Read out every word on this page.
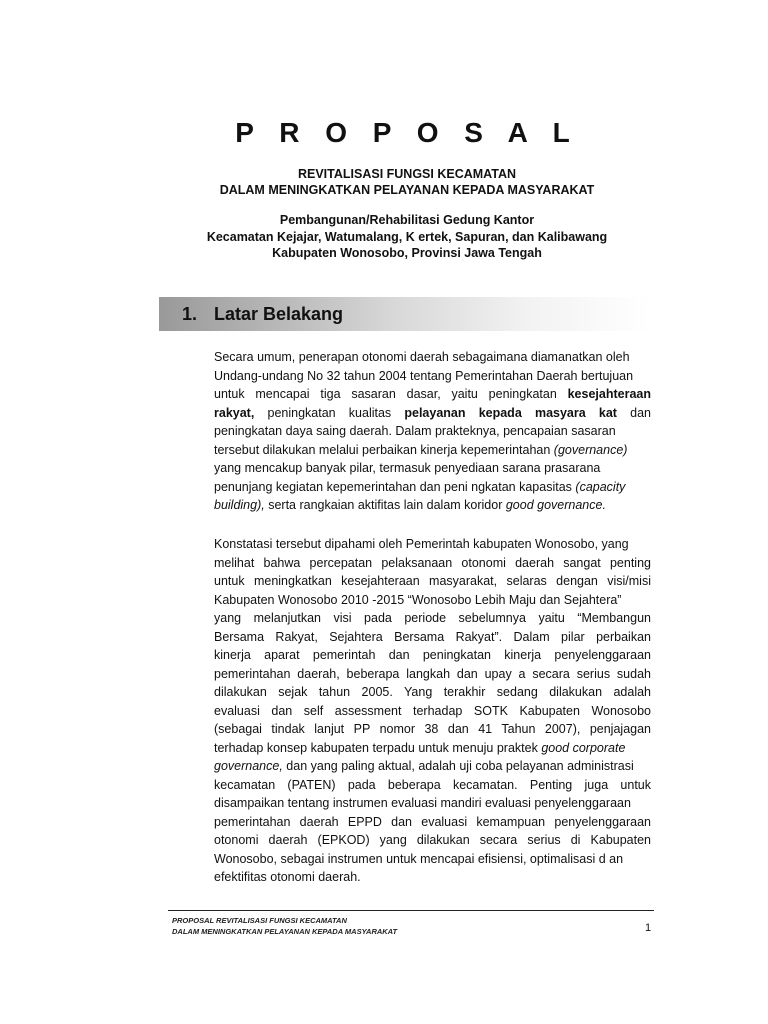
P R O P O S A L
REVITALISASI FUNGSI KECAMATAN
DALAM MENINGKATKAN PELAYANAN KEPADA MASYARAKAT
Pembangunan/Rehabilitasi Gedung Kantor
Kecamatan Kejajar, Watumalang, K ertek, Sapuran, dan Kalibawang
Kabupaten Wonosobo, Provinsi Jawa Tengah
1. Latar Belakang
Secara umum, penerapan otonomi daerah sebagaimana diamanatkan oleh
Undang-undang No 32 tahun 2004 tentang Pemerintahan Daerah bertujuan
untuk mencapai tiga sasaran dasar, yaitu peningkatan kesejahteraan
rakyat, peningkatan kualitas pelayanan kepada masyara kat dan
peningkatan daya saing daerah. Dalam prakteknya, pencapaian sasaran
tersebut dilakukan melalui perbaikan kinerja kepemerintahan (governance)
yang mencakup banyak pilar, termasuk penyediaan sarana prasarana
penunjang kegiatan kepemerintahan dan peni ngkatan kapasitas (capacity
building), serta rangkaian aktifitas lain dalam koridor good governance.
Konstatasi tersebut dipahami oleh Pemerintah kabupaten Wonosobo, yang
melihat bahwa percepatan pelaksanaan otonomi daerah sangat penting
untuk meningkatkan kesejahteraan masyarakat, selaras dengan visi/misi
Kabupaten Wonosobo 2010 -2015 “Wonosobo Lebih Maju dan Sejahtera”
yang melanjutkan visi pada periode sebelumnya yaitu “Membangun
Bersama Rakyat, Sejahtera Bersama Rakyat”. Dalam pilar perbaikan
kinerja aparat pemerintah dan peningkatan kinerja penyelenggaraan
pemerintahan daerah, beberapa langkah dan upay a secara serius sudah
dilakukan sejak tahun 2005. Yang terakhir sedang dilakukan adalah
evaluasi dan self assessment terhadap SOTK Kabupaten Wonosobo
(sebagai tindak lanjut PP nomor 38 dan 41 Tahun 2007), penjajagan
terhadap konsep kabupaten terpadu untuk menuju praktek good corporate
governance, dan yang paling aktual, adalah uji coba pelayanan administrasi
kecamatan (PATEN) pada beberapa kecamatan. Penting juga untuk
disampaikan tentang instrumen evaluasi mandiri evaluasi penyelenggaraan
pemerintahan daerah EPPD dan evaluasi kemampuan penyelenggaraan
otonomi daerah (EPKOD) yang dilakukan secara serius di Kabupaten
Wonosobo, sebagai instrumen untuk mencapai efisiensi, optimalisasi d an
efektifitas otonomi daerah.
PROPOSAL REVITALISASI FUNGSI KECAMATAN
DALAM MENINGKATKAN PELAYANAN KEPADA MASYARAKAT	1
